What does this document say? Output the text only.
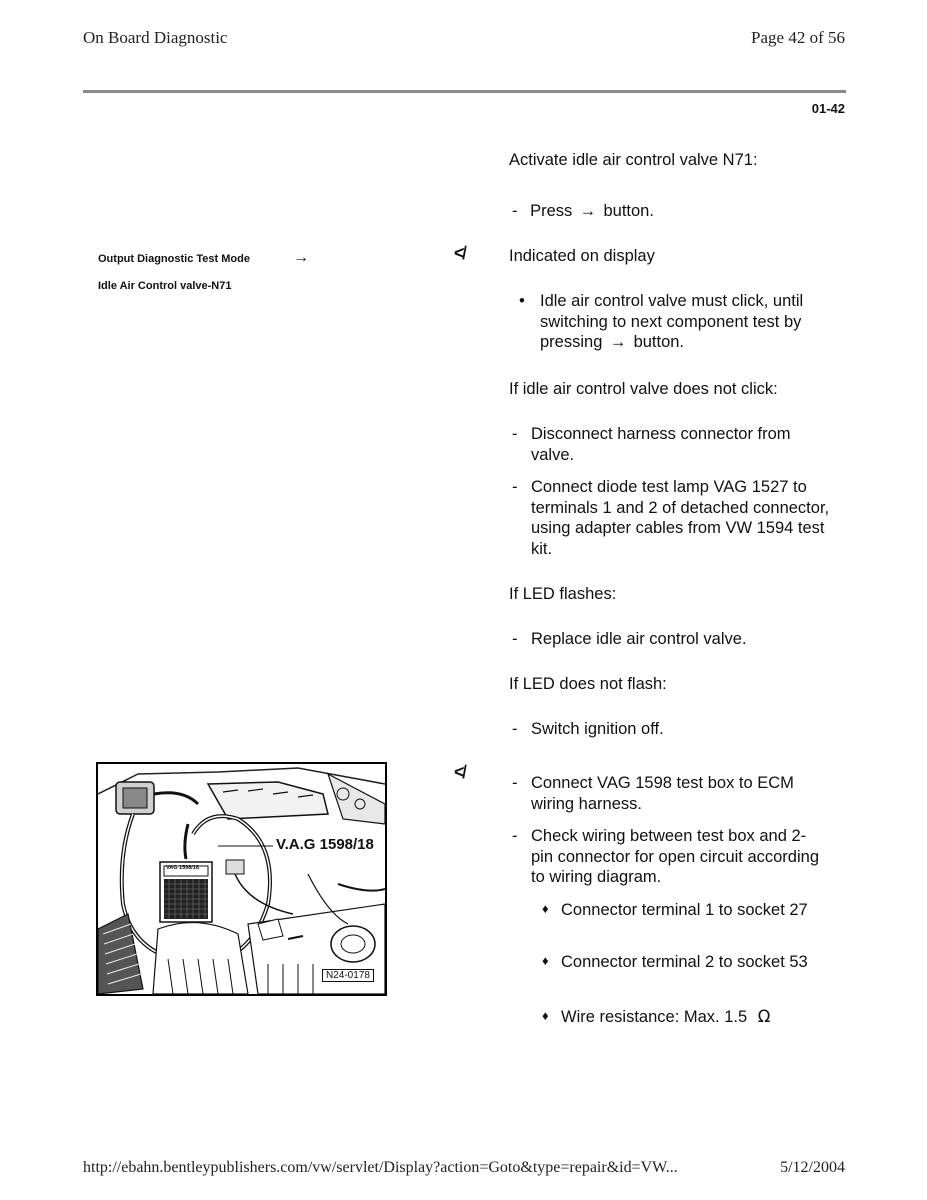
On Board Diagnostic	Page 42 of 56
01-42
Output Diagnostic Test Mode	→
Idle Air Control valve-N71
≮
≮
Activate idle air control valve N71:
- Press → button.
Indicated on display
• Idle air control valve must click, until switching to next component test by pressing → button.
If idle air control valve does not click:
- Disconnect harness connector from valve.
- Connect diode test lamp VAG 1527 to terminals 1 and 2 of detached connector, using adapter cables from VW 1594 test kit.
If LED flashes:
- Replace idle air control valve.
If LED does not flash:
- Switch ignition off.
- Connect VAG 1598 test box to ECM wiring harness.
- Check wiring between test box and 2-pin connector for open circuit according to wiring diagram.
♦ Connector terminal 1 to socket 27
♦ Connector terminal 2 to socket 53
♦ Wire resistance: Max. 1.5 Ω
V.A.G 1598/18
VAG 1598/18
N24-0178
http://ebahn.bentleypublishers.com/vw/servlet/Display?action=Goto&type=repair&id=VW...	5/12/2004
